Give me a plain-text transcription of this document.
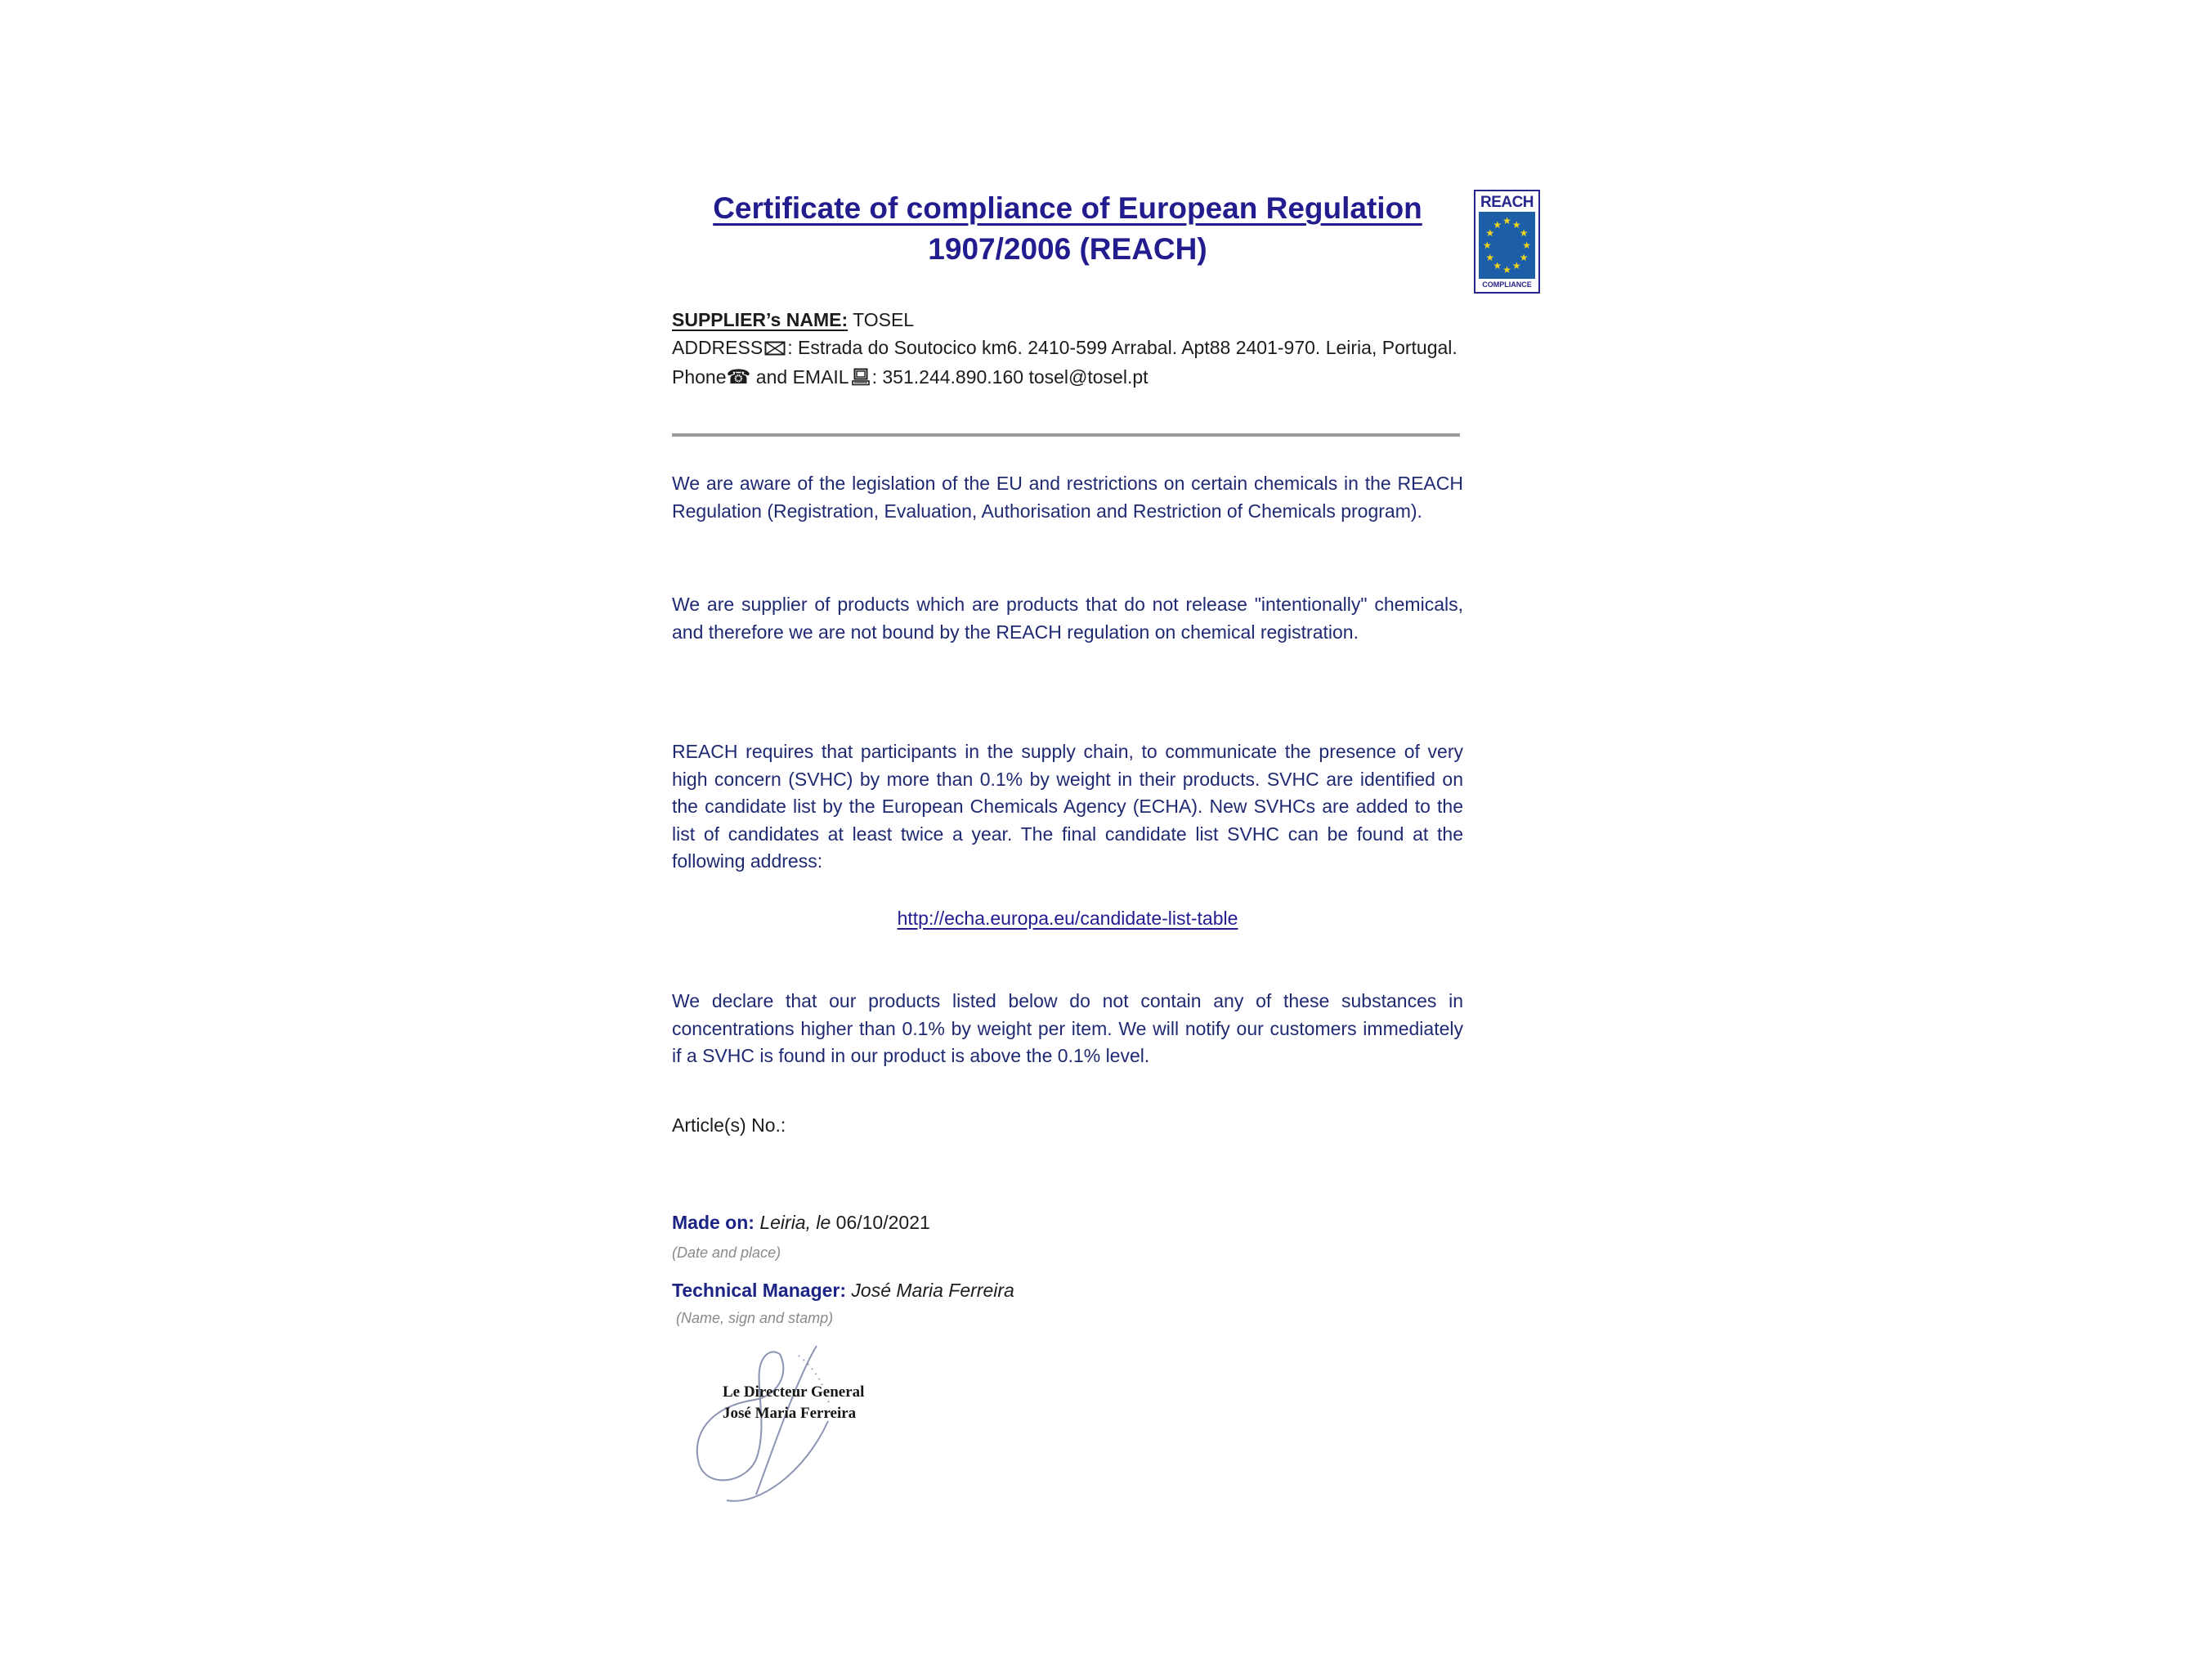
Certificate of compliance of European Regulation
1907/2006 (REACH)
SUPPLIER’s NAME: TOSEL
ADDRESS : Estrada do Soutocico km6. 2410-599 Arrabal. Apt88 2401-970. Leiria, Portugal.
Phone☎ and EMAIL : 351.244.890.160 tosel@tosel.pt

We are aware of the legislation of the EU and restrictions on certain chemicals in the REACH Regulation (Registration, Evaluation, Authorisation and Restriction of Chemicals program).

We are supplier of products which are products that do not release "intentionally" chemicals, and therefore we are not bound by the REACH regulation on chemical registration.

REACH requires that participants in the supply chain, to communicate the presence of very high concern (SVHC) by more than 0.1% by weight in their products. SVHC are identified on the candidate list by the European Chemicals Agency (ECHA). New SVHCs are added to the list of candidates at least twice a year. The final candidate list SVHC can be found at the following address:

http://echa.europa.eu/candidate-list-table

We declare that our products listed below do not contain any of these substances in concentrations higher than 0.1% by weight per item. We will notify our customers immediately if a SVHC is found in our product is above the 0.1% level.

Article(s) No.:
Made on: Leiria, le 06/10/2021
(Date and place)
Technical Manager: José Maria Ferreira
(Name, sign and stamp)
Le Directeur General
José Maria Ferreira
REACH
★ ★
★
★
★
★
★
★
★
★
★
★
COMPLIANCE
